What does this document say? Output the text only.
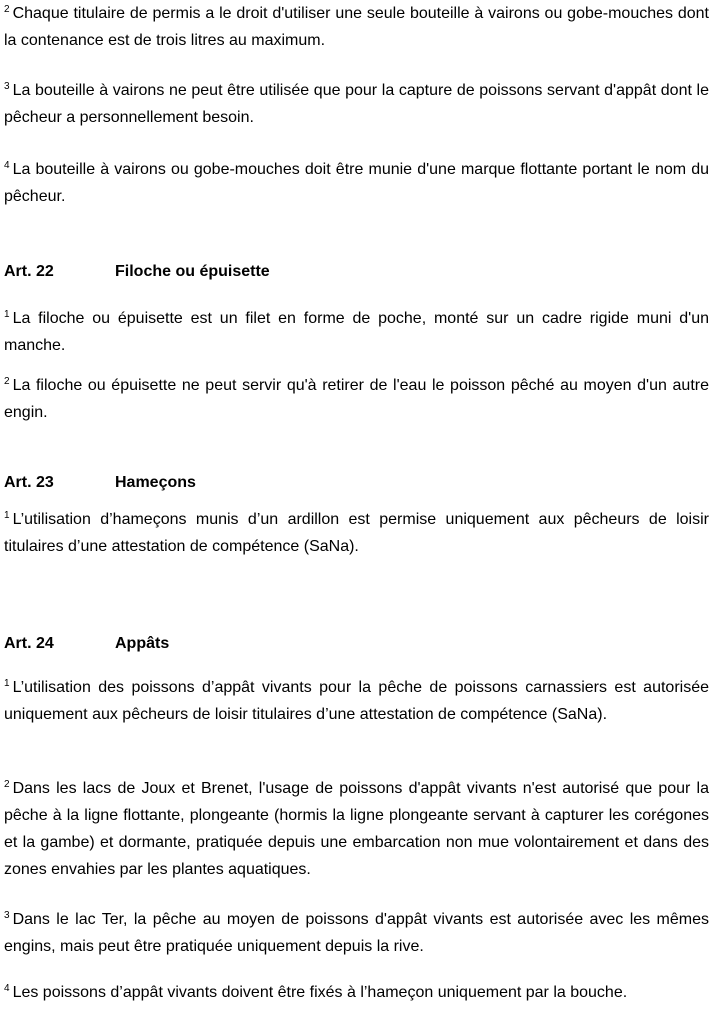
$^2$ Chaque titulaire de permis a le droit d'utiliser une seule bouteille à vairons ou gobe-mouches dont la contenance est de trois litres au maximum.

$^3$ La bouteille à vairons ne peut être utilisée que pour la capture de poissons servant d'appât dont le pêcheur a personnellement besoin.

$^4$ La bouteille à vairons ou gobe-mouches doit être munie d'une marque flottante portant le nom du pêcheur.

Art. 22	Filoche ou épuisette

$^1$ La filoche ou épuisette est un filet en forme de poche, monté sur un cadre rigide muni d'un manche.

$^2$ La filoche ou épuisette ne peut servir qu'à retirer de l'eau le poisson pêché au moyen d'un autre engin.

Art. 23	Hameçons

$^1$ L’utilisation d’hameçons munis d’un ardillon est permise uniquement aux pêcheurs de loisir titulaires d’une attestation de compétence (SaNa).

Art. 24	Appâts

$^1$ L’utilisation des poissons d’appât vivants pour la pêche de poissons carnassiers est autorisée uniquement aux pêcheurs de loisir titulaires d’une attestation de compétence (SaNa).

$^2$ Dans les lacs de Joux et Brenet, l'usage de poissons d'appât vivants n'est autorisé que pour la pêche à la ligne flottante, plongeante (hormis la ligne plongeante servant à capturer les corégones et la gambe) et dormante, pratiquée depuis une embarcation non mue volontairement et dans des zones envahies par les plantes aquatiques.

$^3$ Dans le lac Ter, la pêche au moyen de poissons d'appât vivants est autorisée avec les mêmes engins, mais peut être pratiquée uniquement depuis la rive.

$^4$ Les poissons d’appât vivants doivent être fixés à l’hameçon uniquement par la bouche.
